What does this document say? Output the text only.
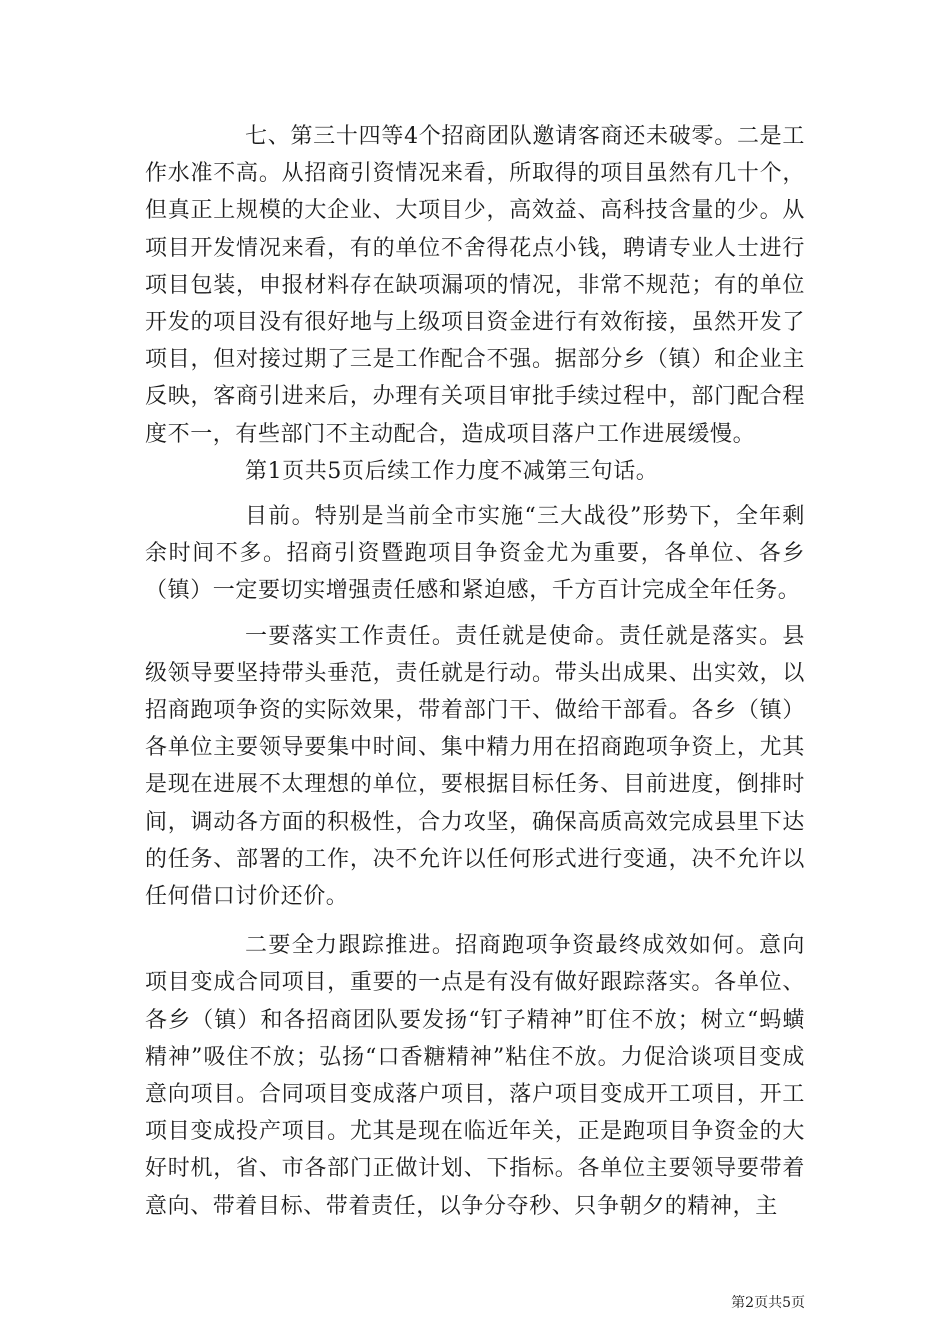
七、第三十四等4个招商团队邀请客商还未破零。二是工作水准不高。从招商引资情况来看，所取得的项目虽然有几十个，但真正上规模的大企业、大项目少，高效益、高科技含量的少。从项目开发情况来看，有的单位不舍得花点小钱，聘请专业人士进行项目包装，申报材料存在缺项漏项的情况，非常不规范；有的单位开发的项目没有很好地与上级项目资金进行有效衔接，虽然开发了项目，但对接过期了三是工作配合不强。据部分乡（镇）和企业主反映，客商引进来后，办理有关项目审批手续过程中，部门配合程度不一，有些部门不主动配合，造成项目落户工作进展缓慢。

第1页共5页后续工作力度不减第三句话。

目前。特别是当前全市实施“三大战役”形势下，全年剩余时间不多。招商引资暨跑项目争资金尤为重要，各单位、各乡（镇）一定要切实增强责任感和紧迫感，千方百计完成全年任务。

一要落实工作责任。责任就是使命。责任就是落实。县级领导要坚持带头垂范，责任就是行动。带头出成果、出实效，以招商跑项争资的实际效果，带着部门干、做给干部看。各乡（镇）各单位主要领导要集中时间、集中精力用在招商跑项争资上，尤其是现在进展不太理想的单位，要根据目标任务、目前进度，倒排时间，调动各方面的积极性，合力攻坚，确保高质高效完成县里下达的任务、部署的工作，决不允许以任何形式进行变通，决不允许以任何借口讨价还价。

二要全力跟踪推进。招商跑项争资最终成效如何。意向项目变成合同项目，重要的一点是有没有做好跟踪落实。各单位、各乡（镇）和各招商团队要发扬“钉子精神”盯住不放；树立“蚂蟥精神”吸住不放；弘扬“口香糖精神”粘住不放。力促洽谈项目变成意向项目。合同项目变成落户项目，落户项目变成开工项目，开工项目变成投产项目。尤其是现在临近年关，正是跑项目争资金的大好时机，省、市各部门正做计划、下指标。各单位主要领导要带着意向、带着目标、带着责任，以争分夺秒、只争朝夕的精神，主

第2页共5页
